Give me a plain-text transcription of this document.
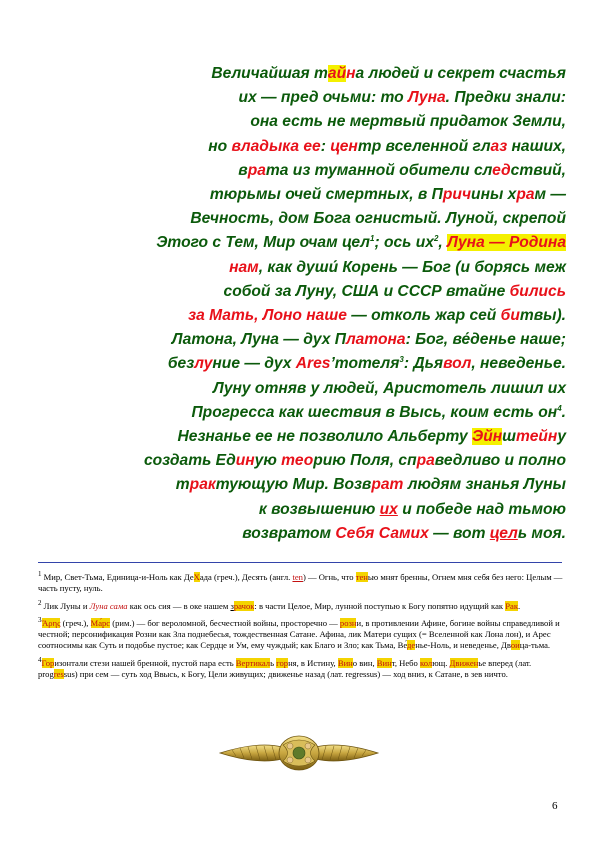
Величайшая тайна людей и секрет счастья
их — пред очьми: то Луна. Предки знали:
она есть не мертвый придаток Земли,
но владыка ее: центр вселенной глаз наших,
врата из туманной обители следствий,
тюрьмы очей смертных, в Причины храм —
Вечность, дом Бога огнистый. Луной, скрепой
Этого с Тем, Мир очам цел$^1$; ось $их^2$, Луна — Родина
нам, как души́ Корень — Бог (и борясь меж
собой за Луну, США и СССР втайне бились
за Мать, Лоно наше — отколь жар сей битвы).
Латона, Луна — дух Платона: Бог, ве́денье наше;
безлуние — дух Ares’тотеля$^3$: Дьявол, неведенье.
Луну отняв у людей, Аристотель лишил их
Прогресса как шествия в Высь, коим есть $он^4$.
Незнанье ее не позволило Альберту Эйнштейну
создать Единую теорию Поля, справедливо и полно
трактующую Мир. Возврат людям знанья Луны
к возвышению их и победе над тьмою
возвратом Себя Самих — вот цель моя.

$^1$ Мир, Свет-Тьма, Единица-и-Ноль как ДеХада (греч.), Десять (англ. ten) — Огнь, что тенью мнят бренны, Огнем мня себя без него: Целым — часть пусту, нуль.

$^2$ Лик Луны и Луна сама как ось сия — в оке нашем зрачок: в части Целое, Мир, лунной поступью к Богу попятно идущий как Рак.

$^3$Ἄρης (греч.), Ма́рс (рим.) — бог вероломной, бесчестной войны, просторечно — розни, в противлении Афине, богине войны справедливой и честной; персонификация Розни как Зла поднебесья, тождественная Сатане. Афина, лик Матери сущих (= Вселенной как Лона лон), и Арес соотносимы как Суть и подобье пустое; как Сердце и Ум, ему чуждый; как Благо и Зло; как Тьма, Ве́денье-Ноль, и неведенье, Двоица-тьма.

$^4$Горизонтали стези нашей бренной, пустой пара есть Вертикаль горня, в Истину, Вино вин, Винт, Небо колющ. Движенье вперед (лат. progressus) при сем — суть ход Ввысь, к Богу, Цели живущих; движенье назад (лат. regressus) — ход вниз, к Сатане, в зев ничто.

6
